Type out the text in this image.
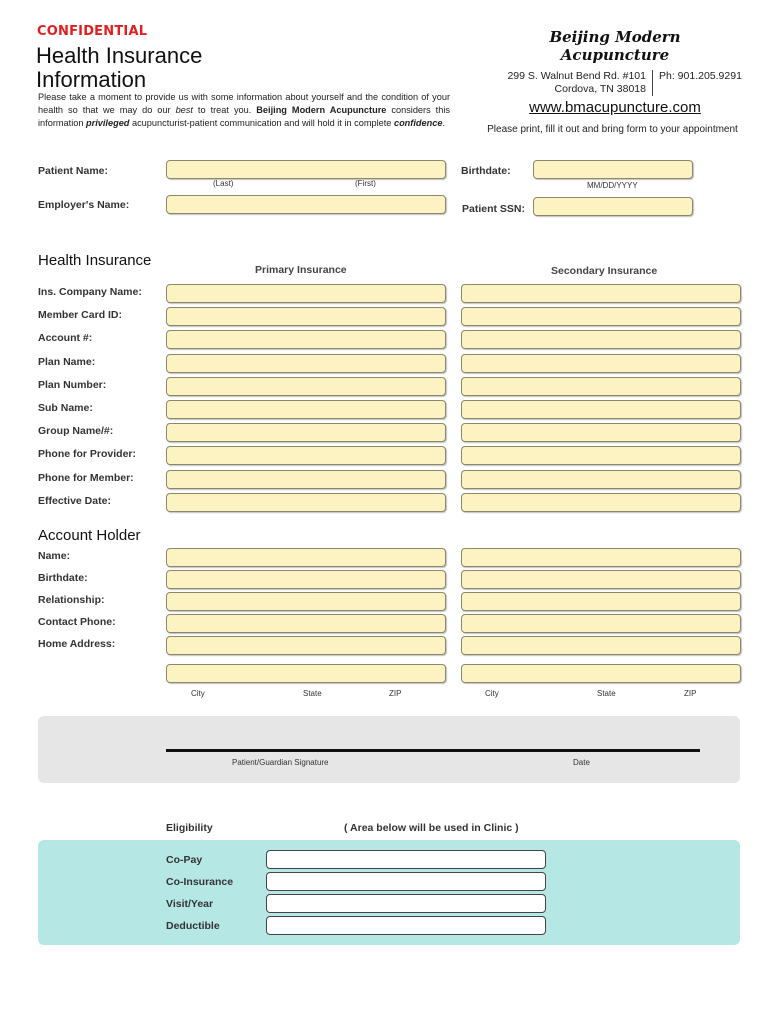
CONFIDENTIAL
Health Insurance
Information
Please take a moment to provide us with some information about yourself and the condition of your health so that we may do our best to treat you. Beijing Modern Acupuncture considers this information privileged acupuncturist-patient communication and will hold it in complete confidence.
Beijing Modern
Acupuncture
299 S. Walnut Bend Rd. #101
Cordova, TN 38018Ph: 901.205.9291
www.bmacupuncture.com
Please print, fill it out and bring form to your appointment
Patient Name:
(Last)	(First)
Birthdate:
MM/DD/YYYY
Employer's Name:	Patient SSN:
Health Insurance
Primary Insurance	Secondary Insurance
Ins. Company Name:
Member Card ID:
Account #:
Plan Name:
Plan Number:
Sub Name:
Group Name/#:
Phone for Provider:
Phone for Member:
Effective Date:
Account Holder
Name:
Birthdate:
Relationship:
Contact Phone:
Home Address:
City	State	ZIP	City	State	ZIP
Patient/Guardian Signature	Date
Eligibility	( Area below will be used in Clinic )
Co-Pay
Co-Insurance
Visit/Year
Deductible
